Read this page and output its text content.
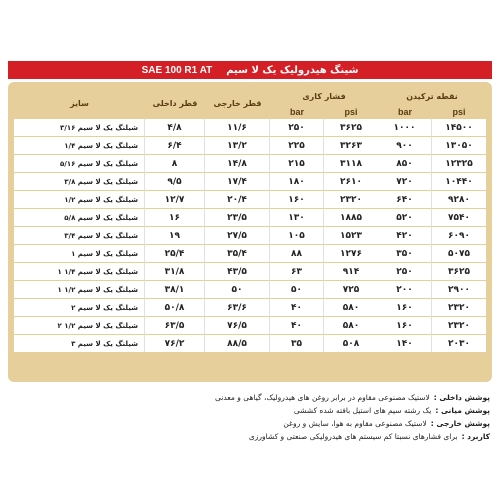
شینگ هیدرولیک یک لا سیم
SAE 100 R1 AT
نقطه ترکیدن		فشار کاری		قطر خارجی	قطر داخلی	سایز
psi	bar	psi	bar			
۱۴۵۰۰	۱۰۰۰	۳۶۲۵	۲۵۰	۱۱/۶	۴/۸	شیلنگ یک لا سیم ۳/۱۶
۱۳۰۵۰	۹۰۰	۳۲۶۳	۲۲۵	۱۳/۲	۶/۴	شیلنگ یک لا سیم ۱/۴
۱۲۳۲۵	۸۵۰	۳۱۱۸	۲۱۵	۱۴/۸	۸	شیلنگ یک لا سیم ۵/۱۶
۱۰۴۴۰	۷۲۰	۲۶۱۰	۱۸۰	۱۷/۴	۹/۵	شیلنگ یک لا سیم ۳/۸
۹۲۸۰	۶۴۰	۲۳۲۰	۱۶۰	۲۰/۴	۱۲/۷	شیلنگ یک لا سیم ۱/۲
۷۵۴۰	۵۲۰	۱۸۸۵	۱۳۰	۲۳/۵	۱۶	شیلنگ یک لا سیم ۵/۸
۶۰۹۰	۴۲۰	۱۵۲۳	۱۰۵	۲۷/۵	۱۹	شیلنگ یک لا سیم ۳/۴
۵۰۷۵	۳۵۰	۱۲۷۶	۸۸	۳۵/۴	۲۵/۴	شیلنگ یک لا سیم ۱
۳۶۲۵	۲۵۰	۹۱۴	۶۳	۴۳/۵	۳۱/۸	شیلنگ یک لا سیم ۱/۴ ۱
۲۹۰۰	۲۰۰	۷۲۵	۵۰	۵۰	۳۸/۱	شیلنگ یک لا سیم ۱/۲ ۱
۲۳۲۰	۱۶۰	۵۸۰	۴۰	۶۳/۶	۵۰/۸	شیلنگ یک لا سیم ۲
۲۳۲۰	۱۶۰	۵۸۰	۴۰	۷۶/۵	۶۳/۵	شیلنگ یک لا سیم ۱/۲ ۲
۲۰۳۰	۱۴۰	۵۰۸	۳۵	۸۸/۵	۷۶/۲	شیلنگ یک لا سیم ۳
پوشش داخلی :
لاستیک مصنوعی مقاوم در برابر روغن های هیدرولیک، گیاهی و معدنی
پوشش میانی :
یک رشته سیم های استیل بافته شده کششی
پوشش خارجی :
لاستیک مصنوعی مقاوم به هوا، سایش و روغن
کاربرد :
برای فشارهای نسبتا کم سیستم های هیدرولیکی صنعتی و کشاورزی
